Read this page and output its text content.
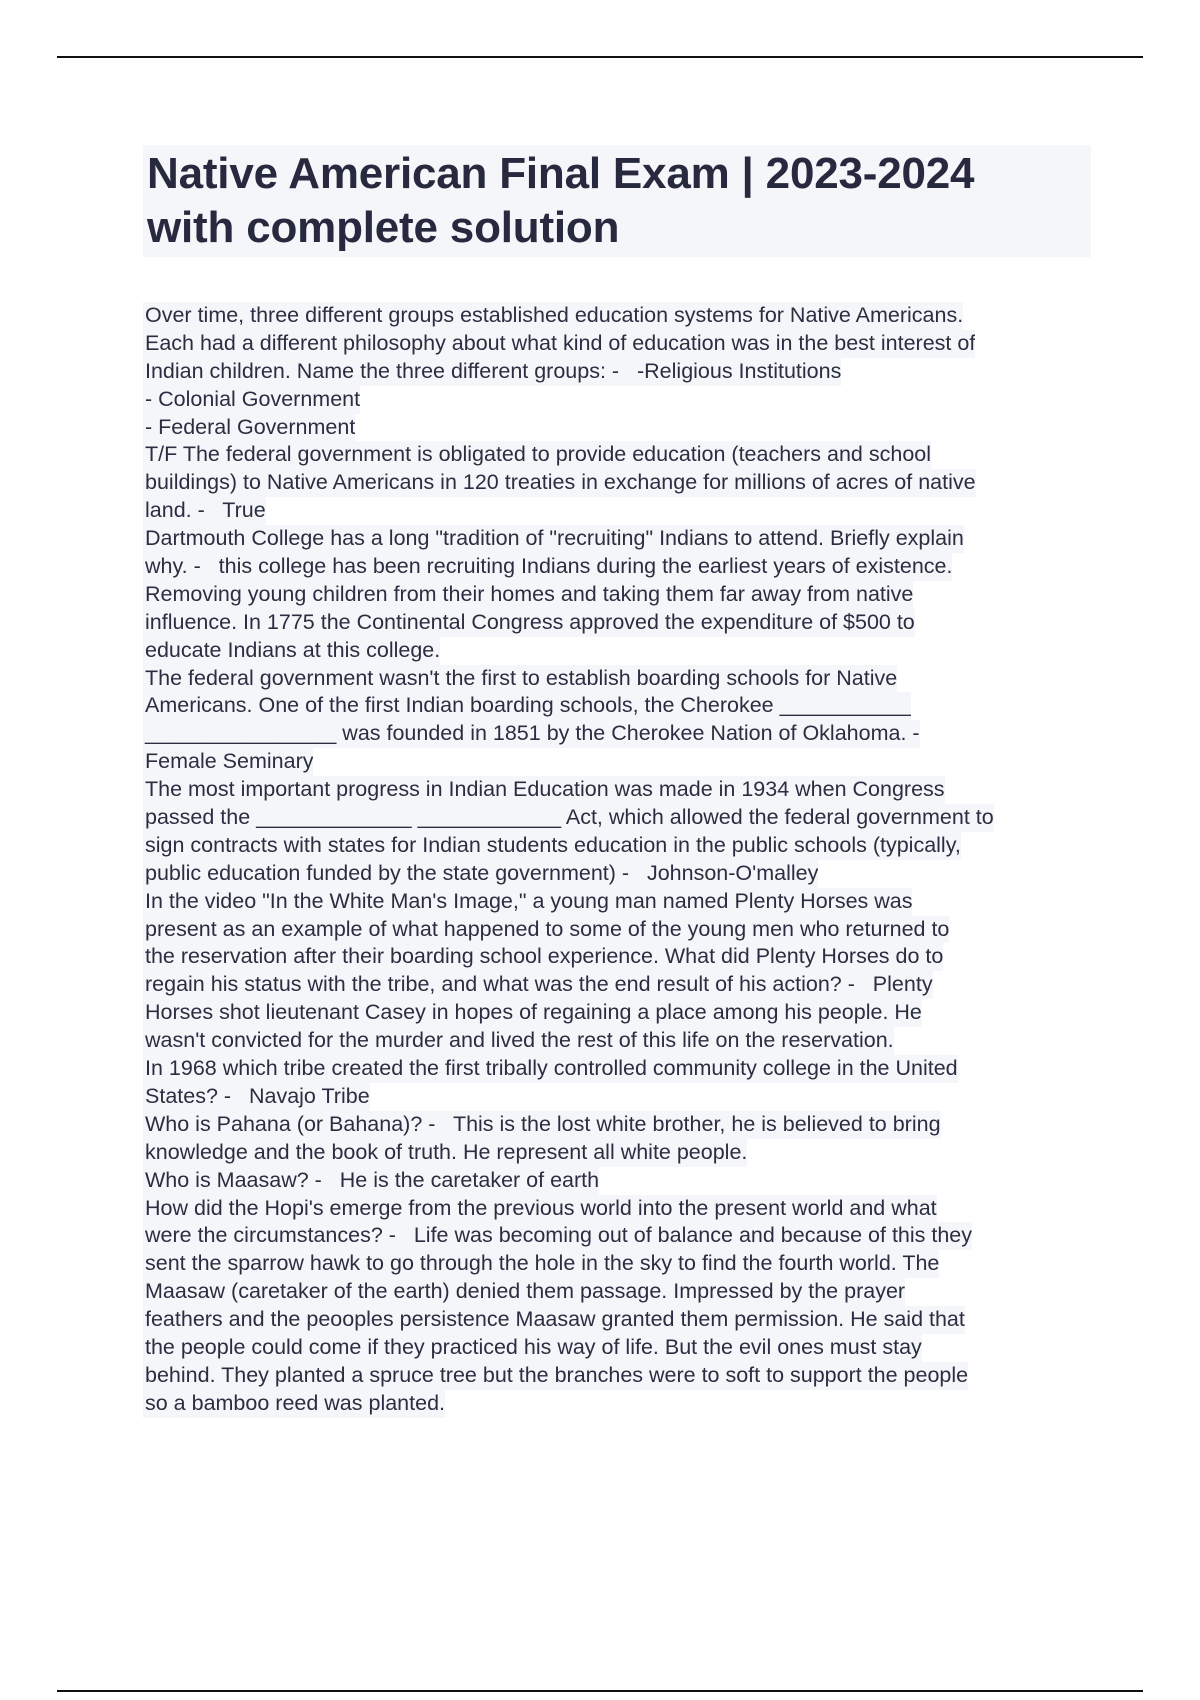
Native American Final Exam | 2023-2024
with complete solution
Over time, three different groups established education systems for Native Americans.
Each had a different philosophy about what kind of education was in the best interest of
Indian children. Name the three different groups: -   -Religious Institutions
- Colonial Government
- Federal Government
T/F The federal government is obligated to provide education (teachers and school
buildings) to Native Americans in 120 treaties in exchange for millions of acres of native
land. -   True
Dartmouth College has a long "tradition of "recruiting" Indians to attend. Briefly explain
why. -   this college has been recruiting Indians during the earliest years of existence.
Removing young children from their homes and taking them far away from native
influence. In 1775 the Continental Congress approved the expenditure of $500 to
educate Indians at this college.
The federal government wasn't the first to establish boarding schools for Native
Americans. One of the first Indian boarding schools, the Cherokee ___________
________________ was founded in 1851 by the Cherokee Nation of Oklahoma. -
Female Seminary
The most important progress in Indian Education was made in 1934 when Congress
passed the _____________ ____________ Act, which allowed the federal government to
sign contracts with states for Indian students education in the public schools (typically,
public education funded by the state government) -   Johnson-O'malley
In the video "In the White Man's Image," a young man named Plenty Horses was
present as an example of what happened to some of the young men who returned to
the reservation after their boarding school experience. What did Plenty Horses do to
regain his status with the tribe, and what was the end result of his action? -   Plenty
Horses shot lieutenant Casey in hopes of regaining a place among his people. He
wasn't convicted for the murder and lived the rest of this life on the reservation.
In 1968 which tribe created the first tribally controlled community college in the United
States? -   Navajo Tribe
Who is Pahana (or Bahana)? -   This is the lost white brother, he is believed to bring
knowledge and the book of truth. He represent all white people.
Who is Maasaw? -   He is the caretaker of earth
How did the Hopi's emerge from the previous world into the present world and what
were the circumstances? -   Life was becoming out of balance and because of this they
sent the sparrow hawk to go through the hole in the sky to find the fourth world. The
Maasaw (caretaker of the earth) denied them passage. Impressed by the prayer
feathers and the peooples persistence Maasaw granted them permission. He said that
the people could come if they practiced his way of life. But the evil ones must stay
behind. They planted a spruce tree but the branches were to soft to support the people
so a bamboo reed was planted.
